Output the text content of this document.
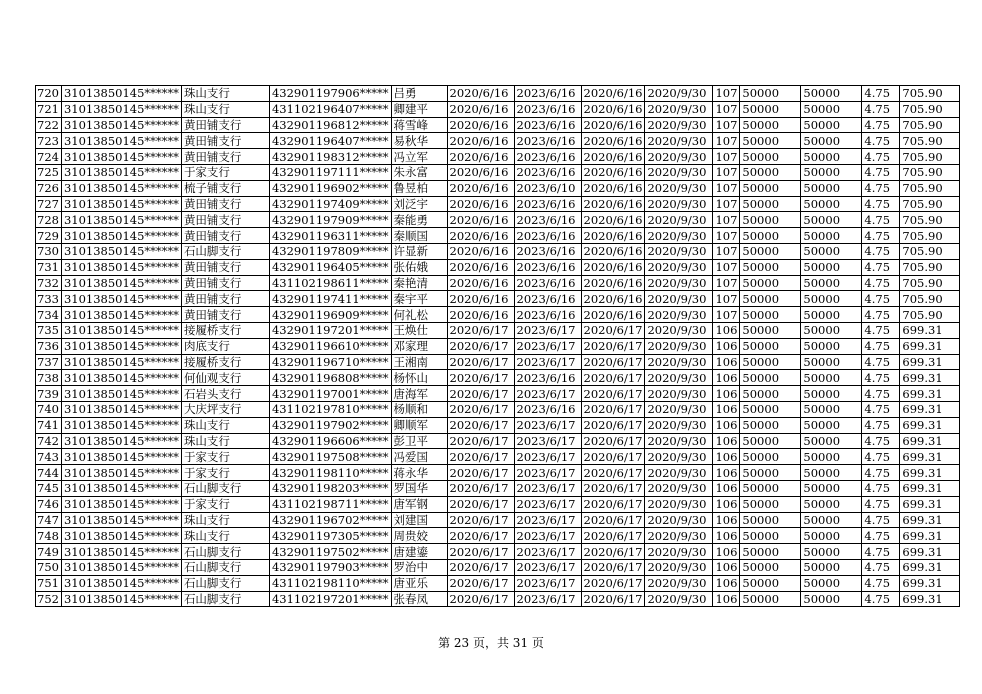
720	31013850145******	珠山支行	432901197906*****	吕勇	2020/6/16	2023/6/16	2020/6/16	2020/9/30	107	50000	50000	4.75	705.90
721	31013850145******	珠山支行	431102196407*****	卿建平	2020/6/16	2023/6/16	2020/6/16	2020/9/30	107	50000	50000	4.75	705.90
722	31013850145******	黄田铺支行	432901196812*****	蒋雪峰	2020/6/16	2023/6/16	2020/6/16	2020/9/30	107	50000	50000	4.75	705.90
723	31013850145******	黄田铺支行	432901196407*****	易秋华	2020/6/16	2023/6/16	2020/6/16	2020/9/30	107	50000	50000	4.75	705.90
724	31013850145******	黄田铺支行	432901198312*****	冯立军	2020/6/16	2023/6/16	2020/6/16	2020/9/30	107	50000	50000	4.75	705.90
725	31013850145******	于家支行	432901197111*****	朱永富	2020/6/16	2023/6/16	2020/6/16	2020/9/30	107	50000	50000	4.75	705.90
726	31013850145******	梳子铺支行	432901196902*****	鲁昱柏	2020/6/16	2023/6/10	2020/6/16	2020/9/30	107	50000	50000	4.75	705.90
727	31013850145******	黄田铺支行	432901197409*****	刘泛宇	2020/6/16	2023/6/16	2020/6/16	2020/9/30	107	50000	50000	4.75	705.90
728	31013850145******	黄田铺支行	432901197909*****	秦能勇	2020/6/16	2023/6/16	2020/6/16	2020/9/30	107	50000	50000	4.75	705.90
729	31013850145******	黄田铺支行	432901196311*****	秦顺国	2020/6/16	2023/6/16	2020/6/16	2020/9/30	107	50000	50000	4.75	705.90
730	31013850145******	石山脚支行	432901197809*****	许显新	2020/6/16	2023/6/16	2020/6/16	2020/9/30	107	50000	50000	4.75	705.90
731	31013850145******	黄田铺支行	432901196405*****	张佑娥	2020/6/16	2023/6/16	2020/6/16	2020/9/30	107	50000	50000	4.75	705.90
732	31013850145******	黄田铺支行	431102198611*****	秦艳清	2020/6/16	2023/6/16	2020/6/16	2020/9/30	107	50000	50000	4.75	705.90
733	31013850145******	黄田铺支行	432901197411*****	秦宇平	2020/6/16	2023/6/16	2020/6/16	2020/9/30	107	50000	50000	4.75	705.90
734	31013850145******	黄田铺支行	432901196909*****	何礼松	2020/6/16	2023/6/16	2020/6/16	2020/9/30	107	50000	50000	4.75	705.90
735	31013850145******	接履桥支行	432901197201*****	王焕仕	2020/6/17	2023/6/17	2020/6/17	2020/9/30	106	50000	50000	4.75	699.31
736	31013850145******	肉底支行	432901196610*****	邓家理	2020/6/17	2023/6/17	2020/6/17	2020/9/30	106	50000	50000	4.75	699.31
737	31013850145******	接履桥支行	432901196710*****	王湘南	2020/6/17	2023/6/17	2020/6/17	2020/9/30	106	50000	50000	4.75	699.31
738	31013850145******	何仙观支行	432901196808*****	杨怀山	2020/6/17	2023/6/16	2020/6/17	2020/9/30	106	50000	50000	4.75	699.31
739	31013850145******	石岩头支行	432901197001*****	唐海军	2020/6/17	2023/6/17	2020/6/17	2020/9/30	106	50000	50000	4.75	699.31
740	31013850145******	大庆坪支行	431102197810*****	杨顺和	2020/6/17	2023/6/16	2020/6/17	2020/9/30	106	50000	50000	4.75	699.31
741	31013850145******	珠山支行	432901197902*****	卿顺军	2020/6/17	2023/6/17	2020/6/17	2020/9/30	106	50000	50000	4.75	699.31
742	31013850145******	珠山支行	432901196606*****	彭卫平	2020/6/17	2023/6/17	2020/6/17	2020/9/30	106	50000	50000	4.75	699.31
743	31013850145******	于家支行	432901197508*****	冯爱国	2020/6/17	2023/6/17	2020/6/17	2020/9/30	106	50000	50000	4.75	699.31
744	31013850145******	于家支行	432901198110*****	蒋永华	2020/6/17	2023/6/17	2020/6/17	2020/9/30	106	50000	50000	4.75	699.31
745	31013850145******	石山脚支行	432901198203*****	罗国华	2020/6/17	2023/6/17	2020/6/17	2020/9/30	106	50000	50000	4.75	699.31
746	31013850145******	于家支行	431102198711*****	唐军钢	2020/6/17	2023/6/17	2020/6/17	2020/9/30	106	50000	50000	4.75	699.31
747	31013850145******	珠山支行	432901196702*****	刘建国	2020/6/17	2023/6/17	2020/6/17	2020/9/30	106	50000	50000	4.75	699.31
748	31013850145******	珠山支行	432901197305*****	周贵姣	2020/6/17	2023/6/17	2020/6/17	2020/9/30	106	50000	50000	4.75	699.31
749	31013850145******	石山脚支行	432901197502*****	唐建鎏	2020/6/17	2023/6/17	2020/6/17	2020/9/30	106	50000	50000	4.75	699.31
750	31013850145******	石山脚支行	432901197903*****	罗治中	2020/6/17	2023/6/17	2020/6/17	2020/9/30	106	50000	50000	4.75	699.31
751	31013850145******	石山脚支行	431102198110*****	唐亚乐	2020/6/17	2023/6/17	2020/6/17	2020/9/30	106	50000	50000	4.75	699.31
752	31013850145******	石山脚支行	431102197201*****	张春凤	2020/6/17	2023/6/17	2020/6/17	2020/9/30	106	50000	50000	4.75	699.31
第 23 页，共 31 页
